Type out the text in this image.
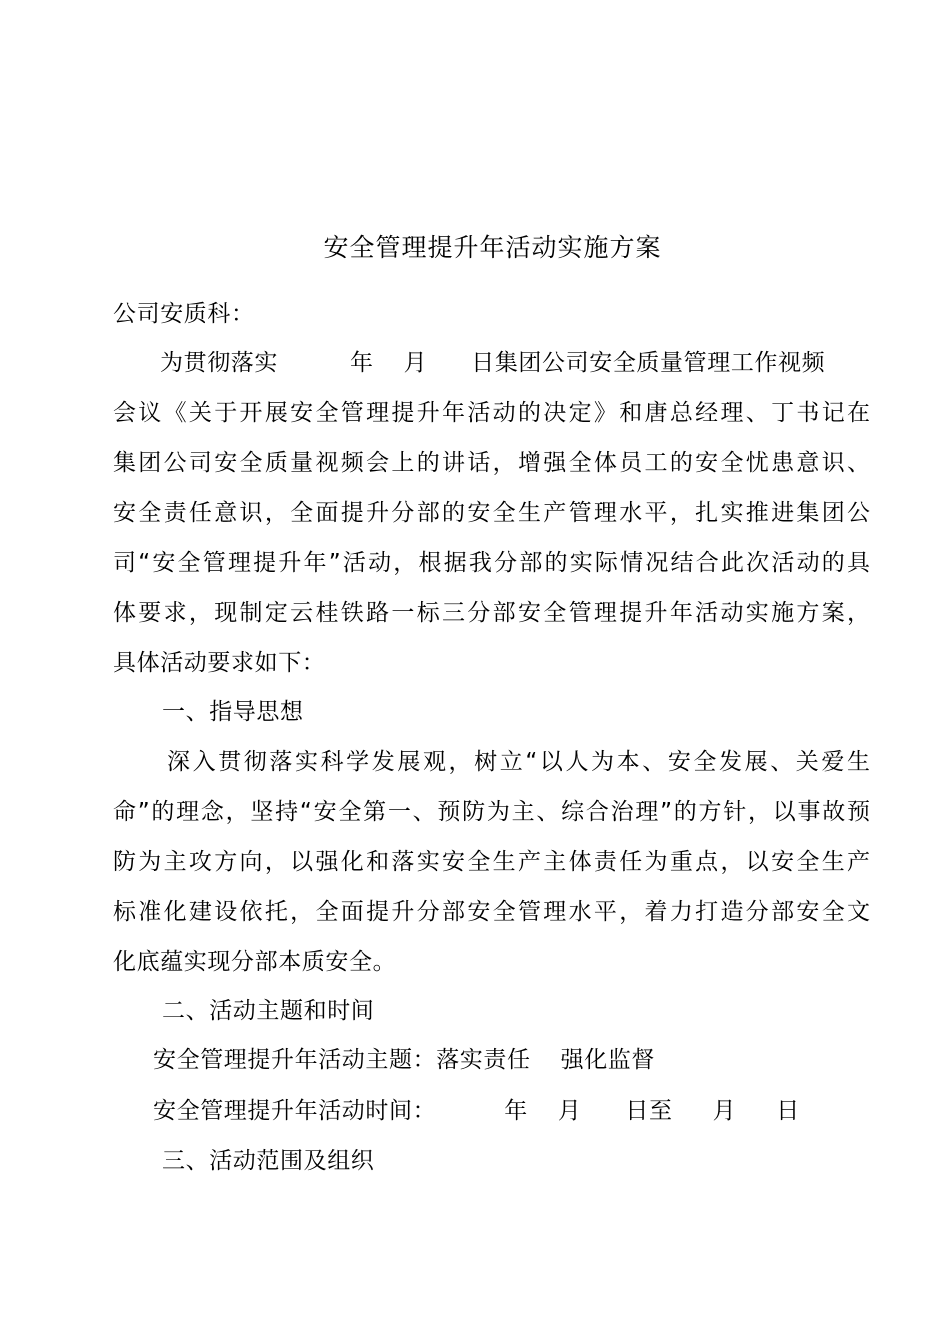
安全管理提升年活动实施方案
公司安质科：
为贯彻落实	年 月 日集团公司安全质量管理工作视频
会议《关于开展安全管理提升年活动的决定》和唐总经理、丁书记在
集团公司安全质量视频会上的讲话，增强全体员工的安全忧患意识、
安全责任意识，全面提升分部的安全生产管理水平，扎实推进集团公
司“安全管理提升年”活动，根据我分部的实际情况结合此次活动的具
体要求，现制定云桂铁路一标三分部安全管理提升年活动实施方案，
具体活动要求如下：
一、指导思想
深入贯彻落实科学发展观，树立“以人为本、安全发展、关爱生
命”的理念，坚持“安全第一、预防为主、综合治理”的方针，以事故预
防为主攻方向，以强化和落实安全生产主体责任为重点，以安全生产
标准化建设依托，全面提升分部安全管理水平，着力打造分部安全文
化底蕴实现分部本质安全。
二、活动主题和时间
安全管理提升年活动主题：落实责任 强化监督
安全管理提升年活动时间：	年 月 日至 月 日
三、活动范围及组织
